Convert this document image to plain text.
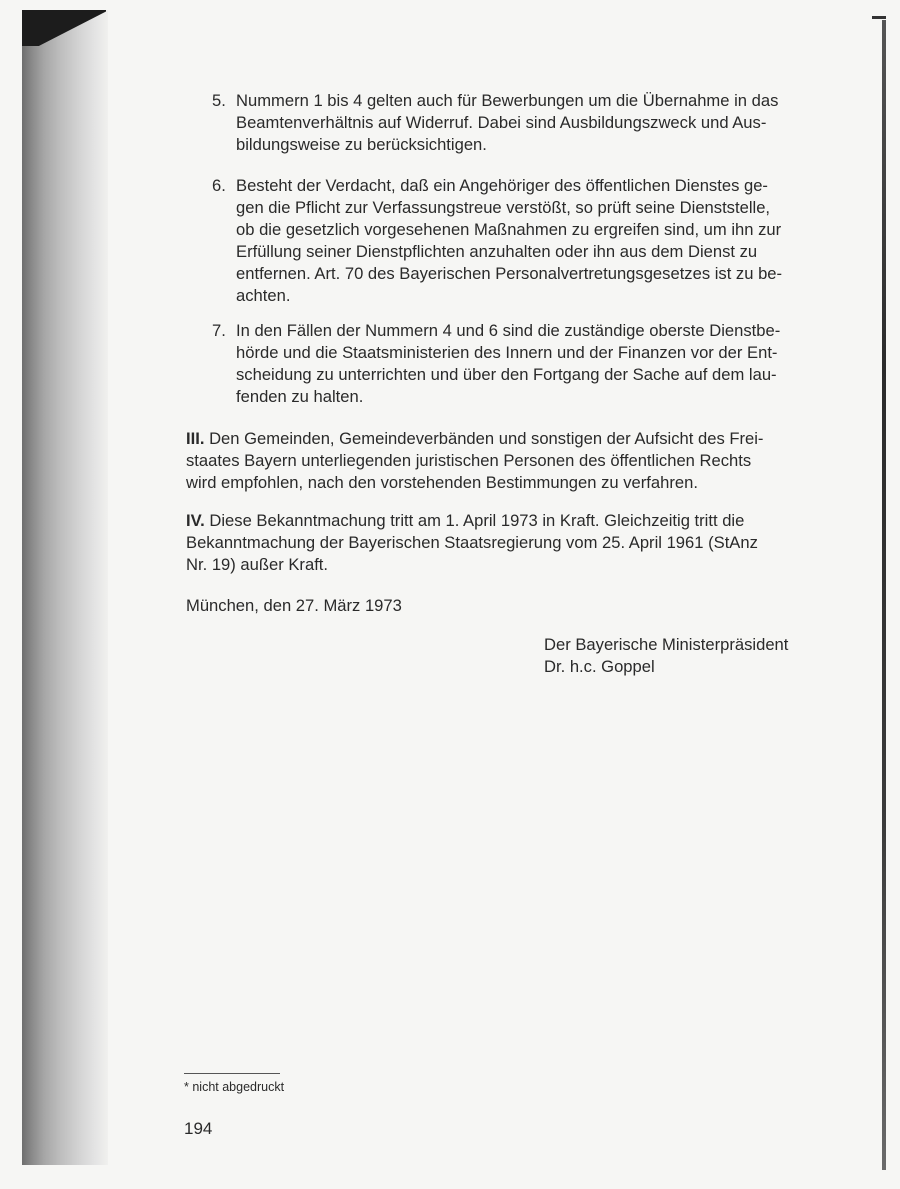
5. Nummern 1 bis 4 gelten auch für Bewerbungen um die Übernahme in das
Beamtenverhältnis auf Widerruf. Dabei sind Ausbildungszweck und Aus-
bildungsweise zu berücksichtigen.
6. Besteht der Verdacht, daß ein Angehöriger des öffentlichen Dienstes ge-
gen die Pflicht zur Verfassungstreue verstößt, so prüft seine Dienststelle,
ob die gesetzlich vorgesehenen Maßnahmen zu ergreifen sind, um ihn zur
Erfüllung seiner Dienstpflichten anzuhalten oder ihn aus dem Dienst zu
entfernen. Art. 70 des Bayerischen Personalvertretungsgesetzes ist zu be-
achten.
7. In den Fällen der Nummern 4 und 6 sind die zuständige oberste Dienstbe-
hörde und die Staatsministerien des Innern und der Finanzen vor der Ent-
scheidung zu unterrichten und über den Fortgang der Sache auf dem lau-
fenden zu halten.
III. Den Gemeinden, Gemeindeverbänden und sonstigen der Aufsicht des Frei-
staates Bayern unterliegenden juristischen Personen des öffentlichen Rechts
wird empfohlen, nach den vorstehenden Bestimmungen zu verfahren.
IV. Diese Bekanntmachung tritt am 1. April 1973 in Kraft. Gleichzeitig tritt die
Bekanntmachung der Bayerischen Staatsregierung vom 25. April 1961 (StAnz
Nr. 19) außer Kraft.
München, den 27. März 1973
Der Bayerische Ministerpräsident
Dr. h.c. Goppel
* nicht abgedruckt
194
